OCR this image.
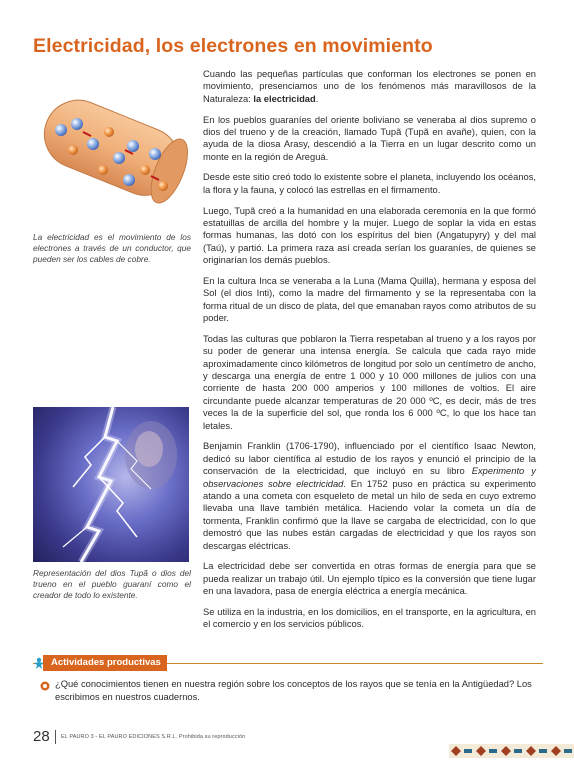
Electricidad, los electrones en movimiento
La electricidad es el movimiento de los electrones a través de un conductor, que pueden ser los cables de cobre.
Representación del dios Tupã o dios del trueno en el pueblo guaraní como el creador de todo lo existente.

Cuando las pequeñas partículas que conforman los electrones se ponen en movimiento, presenciamos uno de los fenómenos más maravillosos de la Naturaleza: la electricidad.

En los pueblos guaraníes del oriente boliviano se veneraba al dios supremo o dios del trueno y de la creación, llamado Tupã (Tupã en avañe), quien, con la ayuda de la diosa Arasy, descendió a la Tierra en un lugar descrito como un monte en la región de Areguá.

Desde este sitio creó todo lo existente sobre el planeta, incluyendo los océanos, la flora y la fauna, y colocó las estrellas en el firmamento.

Luego, Tupã creó a la humanidad en una elaborada ceremonia en la que formó estatuillas de arcilla del hombre y la mujer. Luego de soplar la vida en estas formas humanas, las dotó con los espíritus del bien (Angatupyry) y del mal (Taú), y partió. La primera raza así creada serían los guaraníes, de quienes se originarían los demás pueblos.

En la cultura Inca se veneraba a la Luna (Mama Quilla), hermana y esposa del Sol (el dios Inti), como la madre del firmamento y se la representaba con la forma ritual de un disco de plata, del que emanaban rayos como atributos de su poder.

Todas las culturas que poblaron la Tierra respetaban al trueno y a los rayos por su poder de generar una intensa energía. Se calcula que cada rayo mide aproximadamente cinco kilómetros de longitud por solo un centímetro de ancho, y descarga una energía de entre 1 000 y 10 000 millones de julios con una corriente de hasta 200 000 amperios y 100 millones de voltios. El aire circundante puede alcanzar temperaturas de 20 000 ºC, es decir, más de tres veces la de la superficie del sol, que ronda los 6 000 ºC, lo que los hace tan letales.

Benjamin Franklin (1706-1790), influenciado por el científico Isaac Newton, dedicó su labor científica al estudio de los rayos y enunció el principio de la conservación de la electricidad, que incluyó en su libro Experimento y observaciones sobre electricidad. En 1752 puso en práctica su experimento atando a una cometa con esqueleto de metal un hilo de seda en cuyo extremo llevaba una llave también metálica. Haciendo volar la cometa un día de tormenta, Franklin confirmó que la llave se cargaba de electricidad, con lo que demostró que las nubes están cargadas de electricidad y que los rayos son descargas eléctricas.

La electricidad debe ser convertida en otras formas de energía para que se pueda realizar un trabajo útil. Un ejemplo típico es la conversión que tiene lugar en una lavadora, pasa de energía eléctrica a energía mecánica.

Se utiliza en la industria, en los domicilios, en el transporte, en la agricultura, en el comercio y en los servicios públicos.

Actividades productivas
¿Qué conocimientos tienen en nuestra región sobre los conceptos de los rayos que se tenía en la Antigüedad? Los escribimos en nuestros cuadernos.
28 EL PAURO 3 - EL PAURO EDICIONES S.R.L. Prohibida su reproducción
